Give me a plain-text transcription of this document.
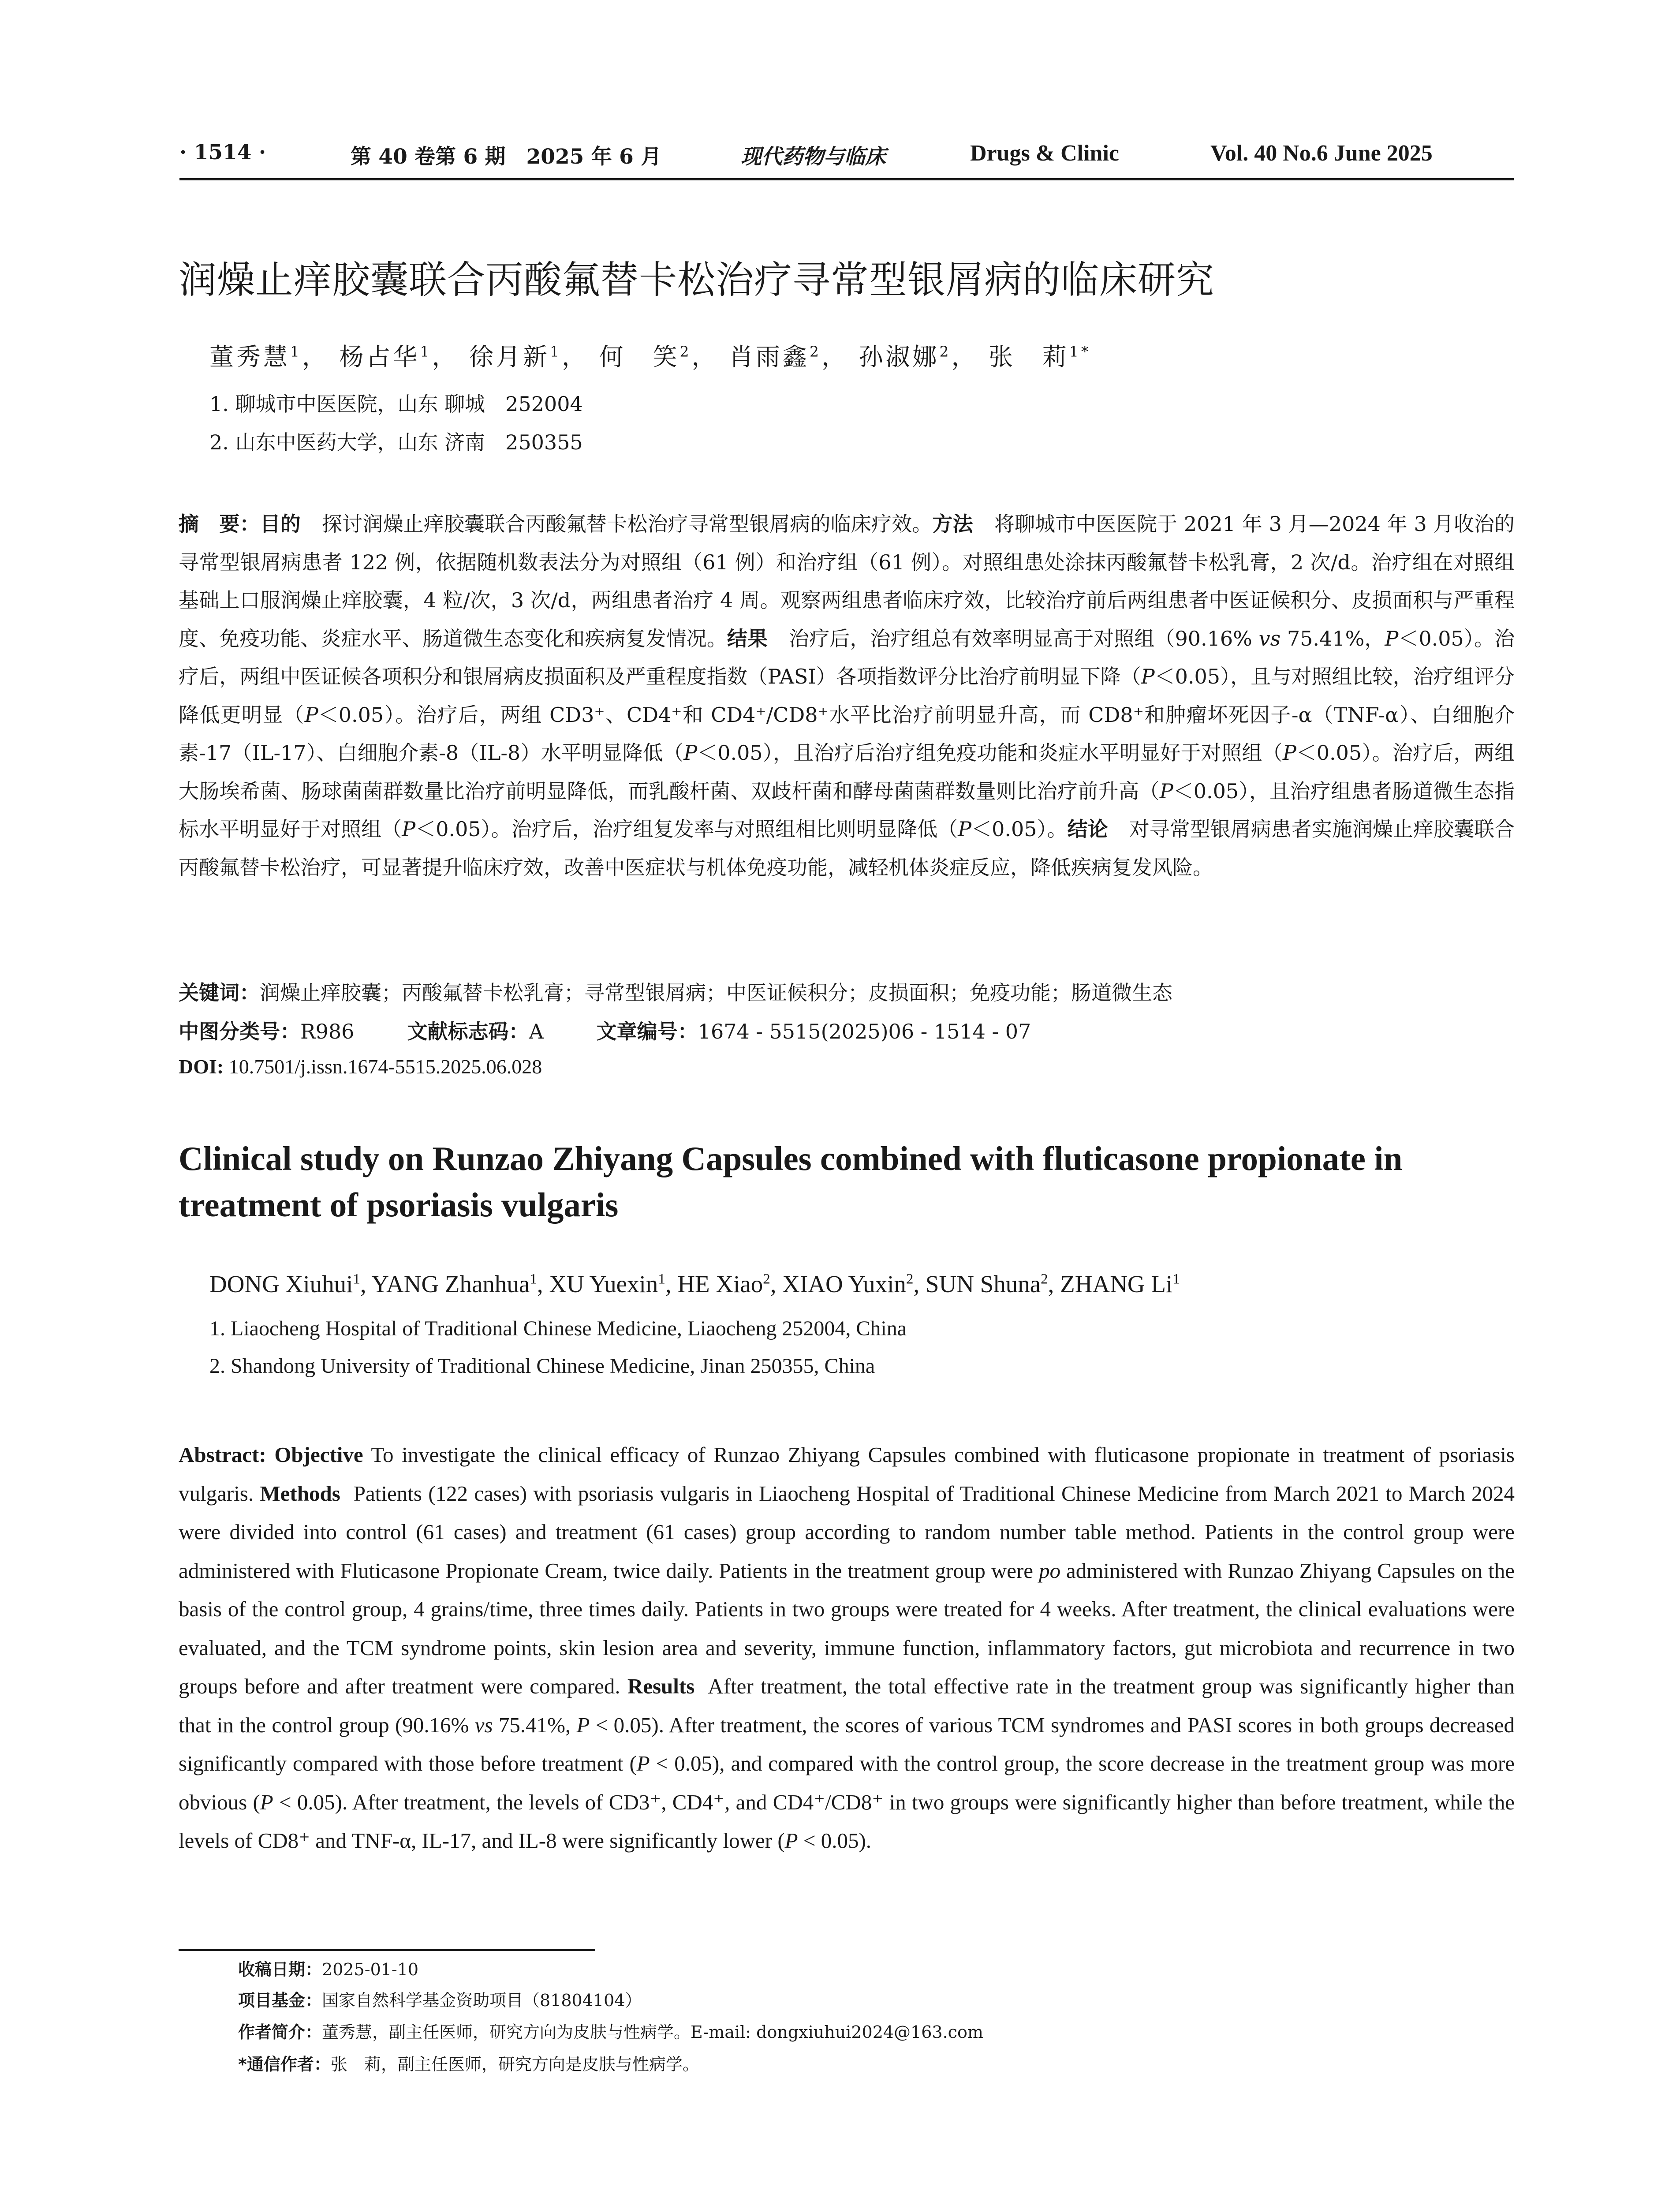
· 1514 ·	第 40 卷第 6 期　2025 年 6 月	现代药物与临床	Drugs & Clinic	Vol. 40 No.6 June 2025
润燥止痒胶囊联合丙酸氟替卡松治疗寻常型银屑病的临床研究
董秀慧$^1$， 杨占华$^1$， 徐月新$^1$， 何　笑$^2$， 肖雨鑫$^2$， 孙淑娜$^2$， 张　莉$^{1*}$
1. 聊城市中医医院，山东 聊城　252004
2. 山东中医药大学，山东 济南　250355

摘　要：目的 探讨润燥止痒胶囊联合丙酸氟替卡松治疗寻常型银屑病的临床疗效。方法 将聊城市中医医院于 2021 年 3 月—2024 年 3 月收治的寻常型银屑病患者 122 例，依据随机数表法分为对照组（61 例）和治疗组（61 例）。对照组患处涂抹丙酸氟替卡松乳膏，2 次/d。治疗组在对照组基础上口服润燥止痒胶囊，4 粒/次，3 次/d，两组患者治疗 4 周。观察两组患者临床疗效，比较治疗前后两组患者中医证候积分、皮损面积与严重程度、免疫功能、炎症水平、肠道微生态变化和疾病复发情况。结果 治疗后，治疗组总有效率明显高于对照组（90.16% vs 75.41%，P＜0.05）。治疗后，两组中医证候各项积分和银屑病皮损面积及严重程度指数（PASI）各项指数评分比治疗前明显下降（P＜0.05），且与对照组比较，治疗组评分降低更明显（P＜0.05）。治疗后，两组 CD3⁺、CD4⁺和 CD4⁺/CD8⁺水平比治疗前明显升高，而 CD8⁺和肿瘤坏死因子-α（TNF-α）、白细胞介素-17（IL-17）、白细胞介素-8（IL-8）水平明显降低（P＜0.05），且治疗后治疗组免疫功能和炎症水平明显好于对照组（P＜0.05）。治疗后，两组大肠埃希菌、肠球菌菌群数量比治疗前明显降低，而乳酸杆菌、双歧杆菌和酵母菌菌群数量则比治疗前升高（P＜0.05），且治疗组患者肠道微生态指标水平明显好于对照组（P＜0.05）。治疗后，治疗组复发率与对照组相比则明显降低（P＜0.05）。结论 对寻常型银屑病患者实施润燥止痒胶囊联合丙酸氟替卡松治疗，可显著提升临床疗效，改善中医症状与机体免疫功能，减轻机体炎症反应，降低疾病复发风险。

关键词：润燥止痒胶囊；丙酸氟替卡松乳膏；寻常型银屑病；中医证候积分；皮损面积；免疫功能；肠道微生态
中图分类号：R986	文献标志码：A	文章编号：1674 - 5515(2025)06 - 1514 - 07
DOI: 10.7501/j.issn.1674-5515.2025.06.028
Clinical study on Runzao Zhiyang Capsules combined with fluticasone propionate in treatment of psoriasis vulgaris
DONG Xiuhui$^1$, YANG Zhanhua$^1$, XU Yuexin$^1$, HE Xiao$^2$, XIAO Yuxin$^2$, SUN Shuna$^2$, ZHANG Li$^1$
1. Liaocheng Hospital of Traditional Chinese Medicine, Liaocheng 252004, China
2. Shandong University of Traditional Chinese Medicine, Jinan 250355, China
Abstract: Objective To investigate the clinical efficacy of Runzao Zhiyang Capsules combined with fluticasone propionate in treatment of psoriasis vulgaris. Methods Patients (122 cases) with psoriasis vulgaris in Liaocheng Hospital of Traditional Chinese Medicine from March 2021 to March 2024 were divided into control (61 cases) and treatment (61 cases) group according to random number table method. Patients in the control group were administered with Fluticasone Propionate Cream, twice daily. Patients in the treatment group were po administered with Runzao Zhiyang Capsules on the basis of the control group, 4 grains/time, three times daily. Patients in two groups were treated for 4 weeks. After treatment, the clinical evaluations were evaluated, and the TCM syndrome points, skin lesion area and severity, immune function, inflammatory factors, gut microbiota and recurrence in two groups before and after treatment were compared. Results After treatment, the total effective rate in the treatment group was significantly higher than that in the control group (90.16% vs 75.41%, P < 0.05). After treatment, the scores of various TCM syndromes and PASI scores in both groups decreased significantly compared with those before treatment (P < 0.05), and compared with the control group, the score decrease in the treatment group was more obvious (P < 0.05). After treatment, the levels of CD3⁺, CD4⁺, and CD4⁺/CD8⁺ in two groups were significantly higher than before treatment, while the levels of CD8⁺ and TNF-α, IL-17, and IL-8 were significantly lower (P < 0.05).
收稿日期：2025-01-10
项目基金：国家自然科学基金资助项目（81804104）
作者简介：董秀慧，副主任医师，研究方向为皮肤与性病学。E-mail: dongxiuhui2024@163.com
*通信作者：张　莉，副主任医师，研究方向是皮肤与性病学。
